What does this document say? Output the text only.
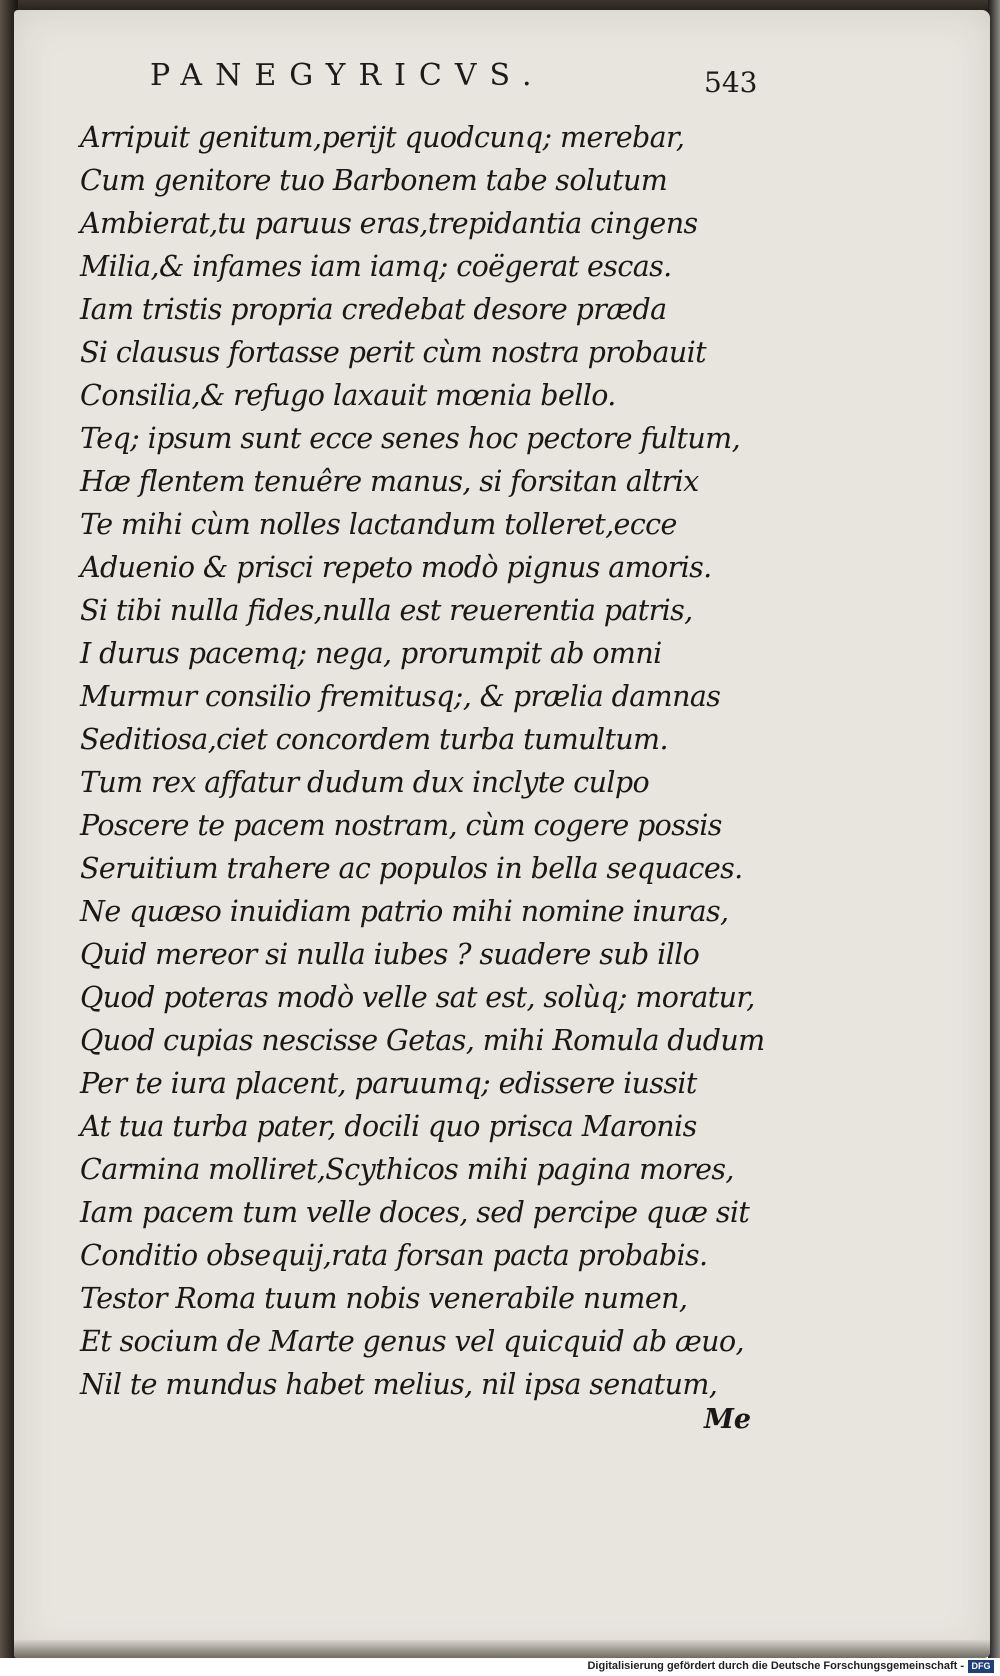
PANEGYRICVS.	543
Arripuit genitum,perijt quodcunq; merebar,
Cum genitore tuo Barbonem tabe solutum
Ambierat,tu paruus eras,trepidantia cingens
Milia,& infames iam iamq; coëgerat escas.
Iam tristis propria credebat desore præda
Si clausus fortasse perit cùm nostra probauit
Consilia,& refugo laxauit mœnia bello.
Teq; ipsum sunt ecce senes hoc pectore fultum,
Hæ flentem tenuêre manus, si forsitan altrix
Te mihi cùm nolles lactandum tolleret,ecce
Aduenio & prisci repeto modò pignus amoris.
Si tibi nulla fides,nulla est reuerentia patris,
I durus pacemq; nega, prorumpit ab omni
Murmur consilio fremitusq;, & prælia damnas
Seditiosa,ciet concordem turba tumultum.
Tum rex affatur dudum dux inclyte culpo
Poscere te pacem nostram, cùm cogere possis
Seruitium trahere ac populos in bella sequaces.
Ne quæso inuidiam patrio mihi nomine inuras,
Quid mereor si nulla iubes ? suadere sub illo
Quod poteras modò velle sat est, solùq; moratur,
Quod cupias nescisse Getas, mihi Romula dudum
Per te iura placent, paruumq; edissere iussit
At tua turba pater, docili quo prisca Maronis
Carmina molliret,Scythicos mihi pagina mores,
Iam pacem tum velle doces, sed percipe quæ sit
Conditio obsequij,rata forsan pacta probabis.
Testor Roma tuum nobis venerabile numen,
Et socium de Marte genus vel quicquid ab æuo,
Nil te mundus habet melius, nil ipsa senatum,
Me
Digitalisierung gefördert durch die Deutsche Forschungsgemeinschaft - DFG
